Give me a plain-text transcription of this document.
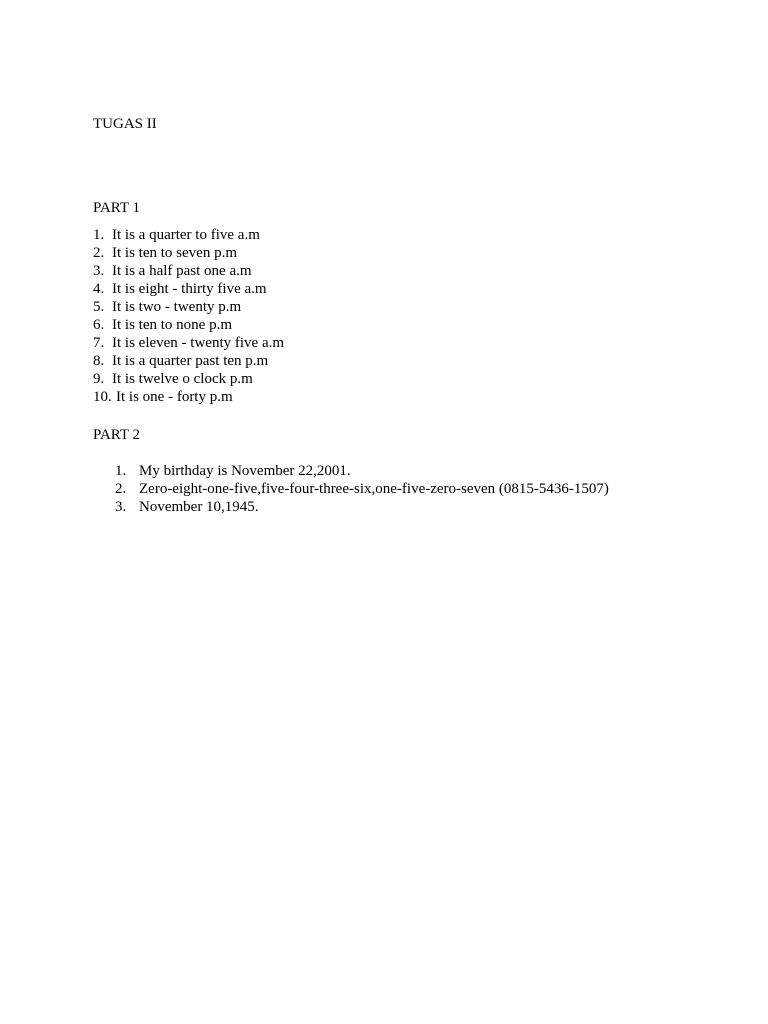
TUGAS II
PART 1
1. It is a quarter to five a.m
2. It is ten to seven p.m
3. It is a half past one a.m
4. It is eight - thirty five a.m
5. It is two - twenty p.m
6. It is ten to none p.m
7. It is eleven - twenty five a.m
8. It is a quarter past ten p.m
9. It is twelve o clock p.m
10. It is one - forty p.m
PART 2
1. My birthday is November 22,2001.
2. Zero-eight-one-five,five-four-three-six,one-five-zero-seven (0815-5436-1507)
3. November 10,1945.
